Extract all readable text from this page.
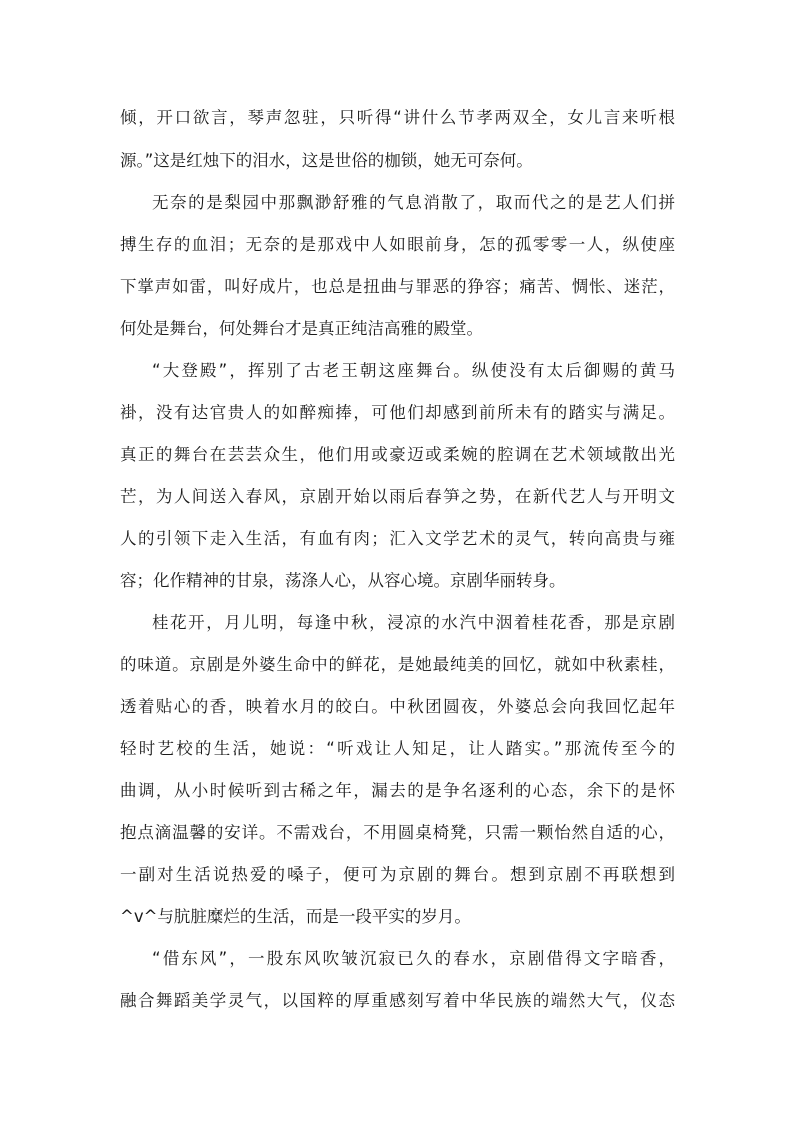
倾，开口欲言，琴声忽驻，只听得“讲什么节孝两双全，女儿言来听根
源。”这是红烛下的泪水，这是世俗的枷锁，她无可奈何。
无奈的是梨园中那飘渺舒雅的气息消散了，取而代之的是艺人们拼
搏生存的血泪；无奈的是那戏中人如眼前身，怎的孤零零一人，纵使座
下掌声如雷，叫好成片，也总是扭曲与罪恶的狰容；痛苦、惆怅、迷茫，
何处是舞台，何处舞台才是真正纯洁高雅的殿堂。
“大登殿”，挥别了古老王朝这座舞台。纵使没有太后御赐的黄马
褂，没有达官贵人的如醉痴捧，可他们却感到前所未有的踏实与满足。
真正的舞台在芸芸众生，他们用或豪迈或柔婉的腔调在艺术领域散出光
芒，为人间送入春风，京剧开始以雨后春笋之势，在新代艺人与开明文
人的引领下走入生活，有血有肉；汇入文学艺术的灵气，转向高贵与雍
容；化作精神的甘泉，荡涤人心，从容心境。京剧华丽转身。
桂花开，月儿明，每逢中秋，浸凉的水汽中洇着桂花香，那是京剧
的味道。京剧是外婆生命中的鲜花，是她最纯美的回忆，就如中秋素桂，
透着贴心的香，映着水月的皎白。中秋团圆夜，外婆总会向我回忆起年
轻时艺校的生活，她说：“听戏让人知足，让人踏实。”那流传至今的
曲调，从小时候听到古稀之年，漏去的是争名逐利的心态，余下的是怀
抱点滴温馨的安详。不需戏台，不用圆桌椅凳，只需一颗怡然自适的心，
一副对生活说热爱的嗓子，便可为京剧的舞台。想到京剧不再联想到
^v^与肮脏糜烂的生活，而是一段平实的岁月。
“借东风”，一股东风吹皱沉寂已久的春水，京剧借得文字暗香，
融合舞蹈美学灵气，以国粹的厚重感刻写着中华民族的端然大气，仪态
